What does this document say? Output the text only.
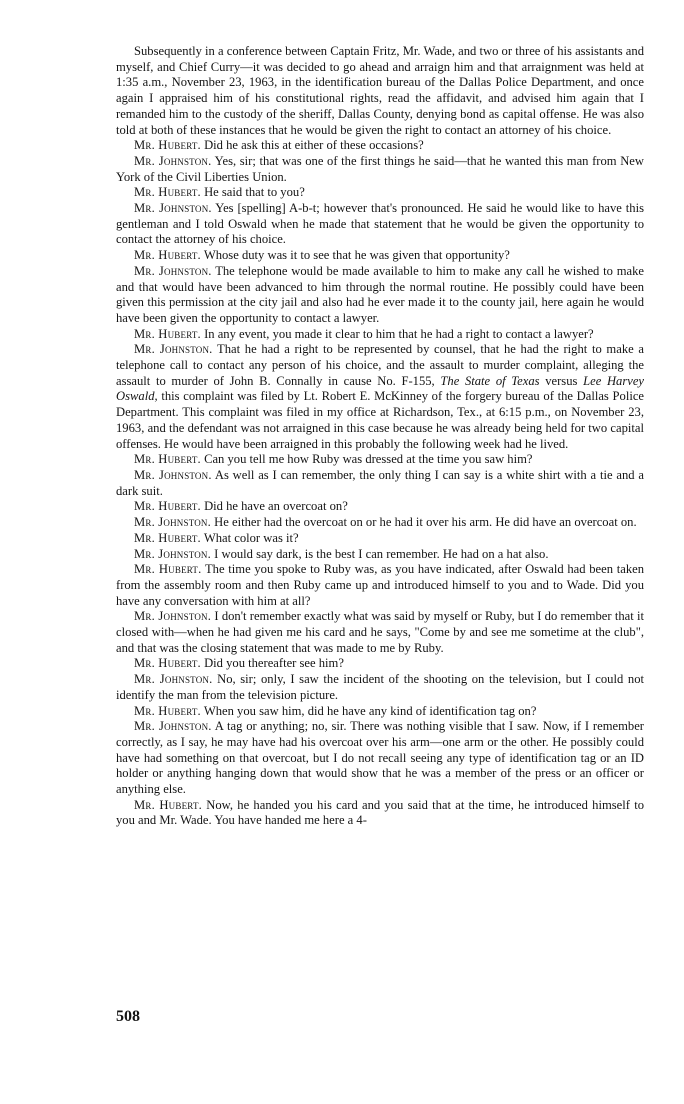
Subsequently in a conference between Captain Fritz, Mr. Wade, and two or three of his assistants and myself, and Chief Curry—it was decided to go ahead and arraign him and that arraignment was held at 1:35 a.m., November 23, 1963, in the identification bureau of the Dallas Police Department, and once again I appraised him of his constitutional rights, read the affidavit, and advised him again that I remanded him to the custody of the sheriff, Dallas County, denying bond as capital offense. He was also told at both of these instances that he would be given the right to contact an attorney of his choice.

Mr. Hubert. Did he ask this at either of these occasions?

Mr. Johnston. Yes, sir; that was one of the first things he said—that he wanted this man from New York of the Civil Liberties Union.

Mr. Hubert. He said that to you?

Mr. Johnston. Yes [spelling] A-b-t; however that's pronounced. He said he would like to have this gentleman and I told Oswald when he made that statement that he would be given the opportunity to contact the attorney of his choice.

Mr. Hubert. Whose duty was it to see that he was given that opportunity?

Mr. Johnston. The telephone would be made available to him to make any call he wished to make and that would have been advanced to him through the normal routine. He possibly could have been given this permission at the city jail and also had he ever made it to the county jail, here again he would have been given the opportunity to contact a lawyer.

Mr. Hubert. In any event, you made it clear to him that he had a right to contact a lawyer?

Mr. Johnston. That he had a right to be represented by counsel, that he had the right to make a telephone call to contact any person of his choice, and the assault to murder complaint, alleging the assault to murder of John B. Connally in cause No. F-155, The State of Texas versus Lee Harvey Oswald, this complaint was filed by Lt. Robert E. McKinney of the forgery bureau of the Dallas Police Department. This complaint was filed in my office at Richardson, Tex., at 6:15 p.m., on November 23, 1963, and the defendant was not arraigned in this case because he was already being held for two capital offenses. He would have been arraigned in this probably the following week had he lived.

Mr. Hubert. Can you tell me how Ruby was dressed at the time you saw him?

Mr. Johnston. As well as I can remember, the only thing I can say is a white shirt with a tie and a dark suit.

Mr. Hubert. Did he have an overcoat on?

Mr. Johnston. He either had the overcoat on or he had it over his arm. He did have an overcoat on.

Mr. Hubert. What color was it?

Mr. Johnston. I would say dark, is the best I can remember. He had on a hat also.

Mr. Hubert. The time you spoke to Ruby was, as you have indicated, after Oswald had been taken from the assembly room and then Ruby came up and introduced himself to you and to Wade. Did you have any conversation with him at all?

Mr. Johnston. I don't remember exactly what was said by myself or Ruby, but I do remember that it closed with—when he had given me his card and he says, "Come by and see me sometime at the club", and that was the closing statement that was made to me by Ruby.

Mr. Hubert. Did you thereafter see him?

Mr. Johnston. No, sir; only, I saw the incident of the shooting on the television, but I could not identify the man from the television picture.

Mr. Hubert. When you saw him, did he have any kind of identification tag on?

Mr. Johnston. A tag or anything; no, sir. There was nothing visible that I saw. Now, if I remember correctly, as I say, he may have had his overcoat over his arm—one arm or the other. He possibly could have had something on that overcoat, but I do not recall seeing any type of identification tag or an ID holder or anything hanging down that would show that he was a member of the press or an officer or anything else.

Mr. Hubert. Now, he handed you his card and you said that at the time, he introduced himself to you and Mr. Wade. You have handed me here a 4-

508
